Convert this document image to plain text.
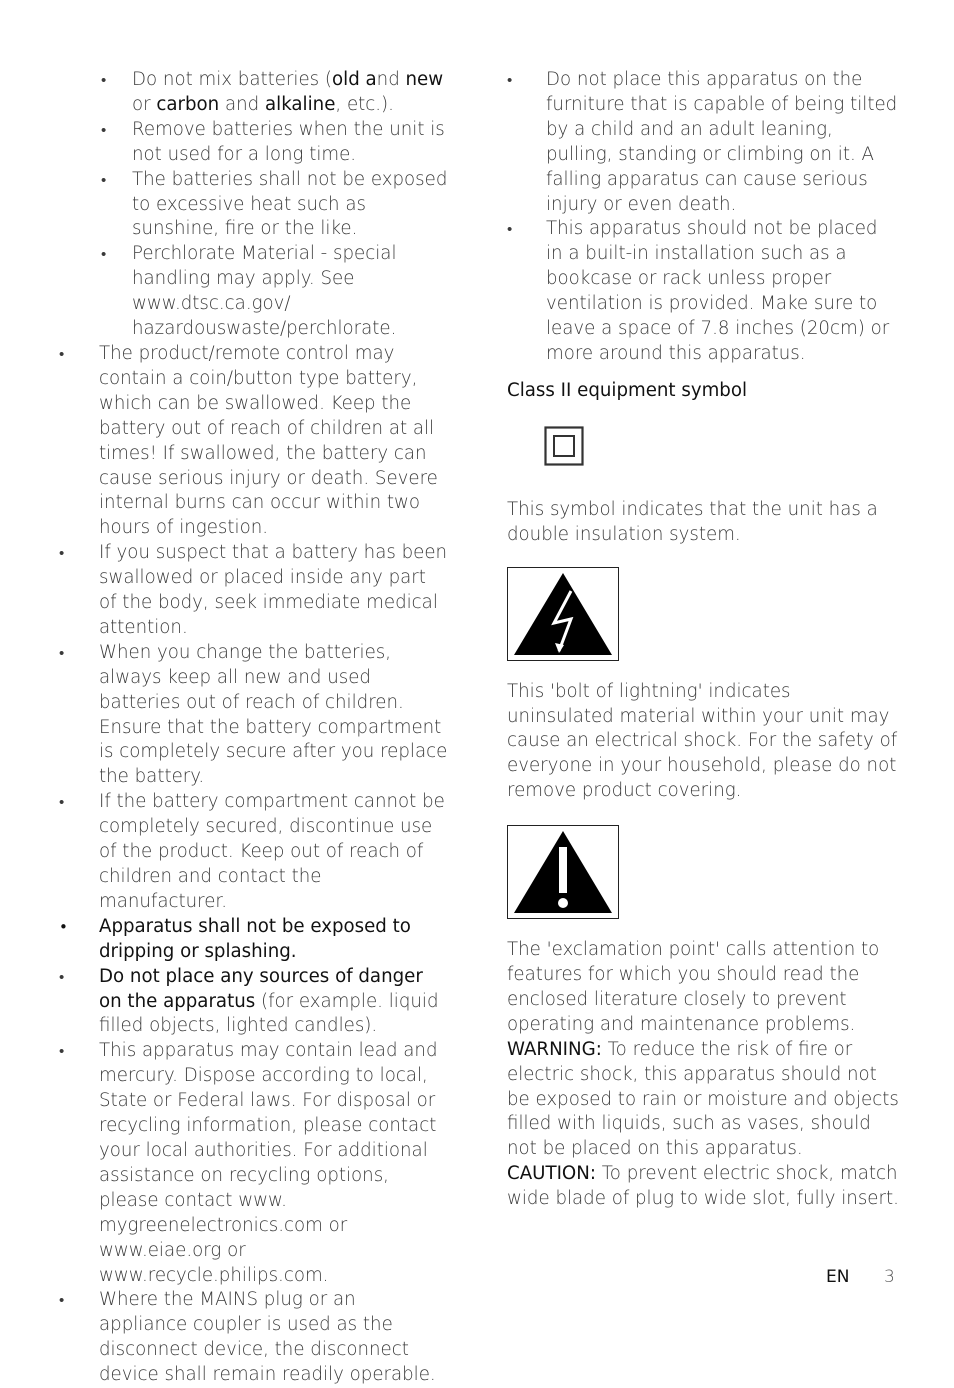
• Do not mix batteries (old and new or carbon and alkaline, etc.).
• Remove batteries when the unit is not used for a long time.
• The batteries shall not be exposed to excessive heat such as sunshine, fire or the like.
• Perchlorate Material - special handling may apply. See www.dtsc.ca.gov/ hazardouswaste/perchlorate.
• The product/remote control may contain a coin/button type battery, which can be swallowed. Keep the battery out of reach of children at all times! If swallowed, the battery can cause serious injury or death. Severe internal burns can occur within two hours of ingestion.
• If you suspect that a battery has been swallowed or placed inside any part of the body, seek immediate medical attention.
• When you change the batteries, always keep all new and used batteries out of reach of children. Ensure that the battery compartment is completely secure after you replace the battery.
• If the battery compartment cannot be completely secured, discontinue use of the product. Keep out of reach of children and contact the manufacturer.
• Apparatus shall not be exposed to dripping or splashing.
• Do not place any sources of danger on the apparatus (for example. liquid filled objects, lighted candles).
• This apparatus may contain lead and mercury. Dispose according to local, State or Federal laws. For disposal or recycling information, please contact your local authorities. For additional assistance on recycling options, please contact www. mygreenelectronics.com or www.eiae.org or www.recycle.philips.com.
• Where the MAINS plug or an appliance coupler is used as the disconnect device, the disconnect device shall remain readily operable.
• Do not place this apparatus on the furniture that is capable of being tilted by a child and an adult leaning, pulling, standing or climbing on it. A falling apparatus can cause serious injury or even death.
• This apparatus should not be placed in a built-in installation such as a bookcase or rack unless proper ventilation is provided. Make sure to leave a space of 7.8 inches (20cm) or more around this apparatus.

Class II equipment symbol

This symbol indicates that the unit has a double insulation system.

This 'bolt of lightning' indicates uninsulated material within your unit may cause an electrical shock. For the safety of everyone in your household, please do not remove product covering.

The 'exclamation point' calls attention to features for which you should read the enclosed literature closely to prevent operating and maintenance problems.

WARNING: To reduce the risk of fire or electric shock, this apparatus should not be exposed to rain or moisture and objects filled with liquids, such as vases, should not be placed on this apparatus.

CAUTION: To prevent electric shock, match wide blade of plug to wide slot, fully insert.

EN 3
